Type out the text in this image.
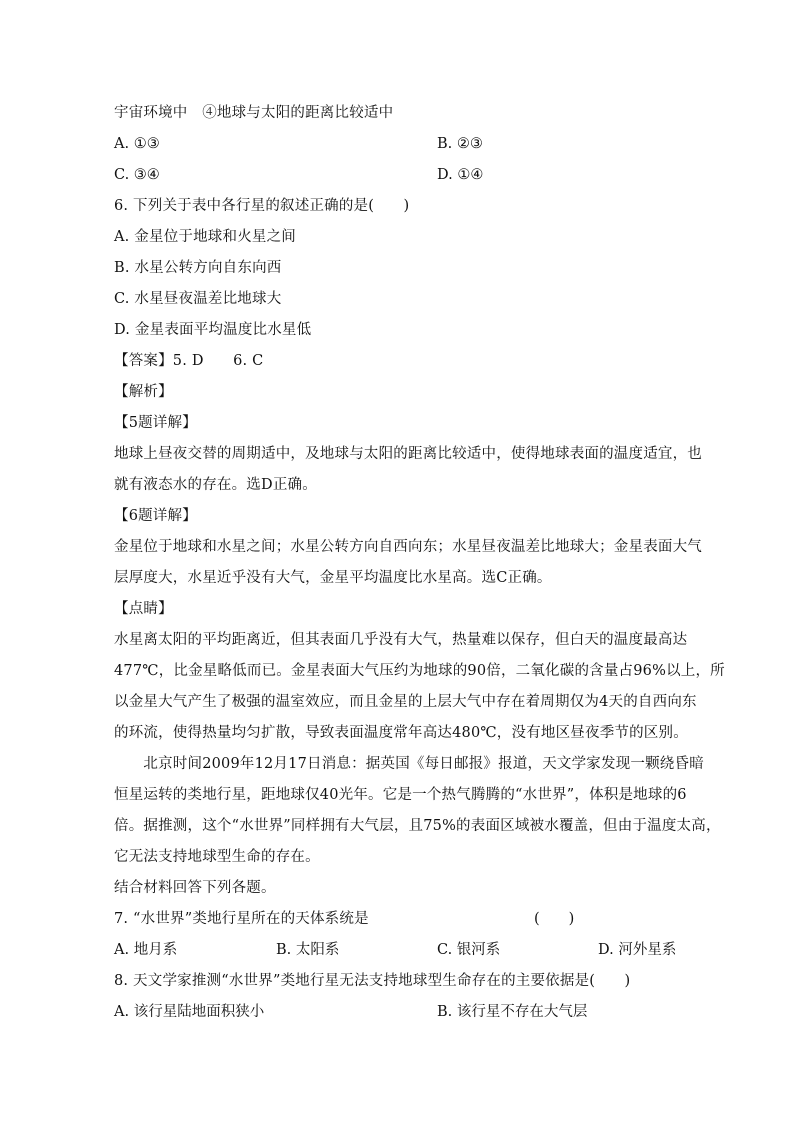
宇宙环境中　④地球与太阳的距离比较适中
A. ①③	B. ②③
C. ③④	D. ①④
6. 下列关于表中各行星的叙述正确的是(　　)
A. 金星位于地球和火星之间
B. 水星公转方向自东向西
C. 水星昼夜温差比地球大
D. 金星表面平均温度比水星低
【答案】5. D　　6. C
【解析】
【5题详解】
地球上昼夜交替的周期适中，及地球与太阳的距离比较适中，使得地球表面的温度适宜，也
就有液态水的存在。选D正确。
【6题详解】
金星位于地球和水星之间；水星公转方向自西向东；水星昼夜温差比地球大；金星表面大气
层厚度大，水星近乎没有大气，金星平均温度比水星高。选C正确。
【点睛】
水星离太阳的平均距离近，但其表面几乎没有大气，热量难以保存，但白天的温度最高达
477℃，比金星略低而已。金星表面大气压约为地球的90倍，二氧化碳的含量占96%以上，所
以金星大气产生了极强的温室效应，而且金星的上层大气中存在着周期仅为4天的自西向东
的环流，使得热量均匀扩散，导致表面温度常年高达480℃，没有地区昼夜季节的区别。
　　北京时间2009年12月17日消息：据英国《每日邮报》报道，天文学家发现一颗绕昏暗
恒星运转的类地行星，距地球仅40光年。它是一个热气腾腾的“水世界”，体积是地球的6
倍。据推测，这个“水世界”同样拥有大气层，且75%的表面区域被水覆盖，但由于温度太高，
它无法支持地球型生命的存在。
结合材料回答下列各题。
7. “水世界”类地行星所在的天体系统是	(　　)
A. 地月系	B. 太阳系	C. 银河系	D. 河外星系
8. 天文学家推测“水世界”类地行星无法支持地球型生命存在的主要依据是(　　)
A. 该行星陆地面积狭小	B. 该行星不存在大气层
